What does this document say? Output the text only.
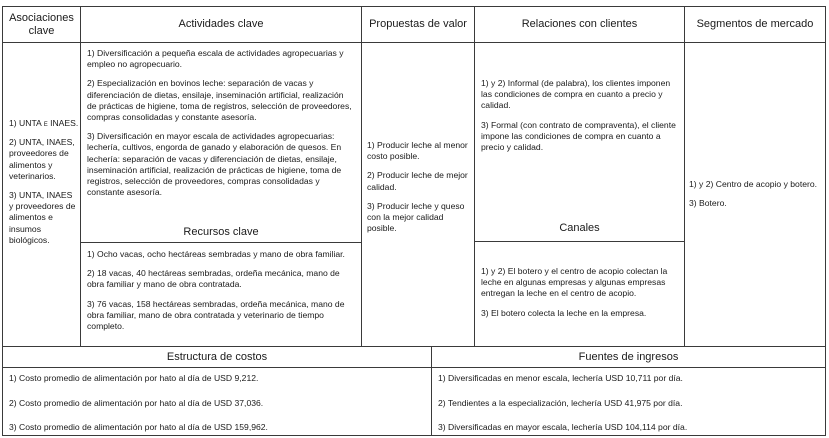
Asociaciones clave

1) UNTA e INAES.

2) UNTA, INAES, proveedores de alimentos y veterinarios.

3) UNTA, INAES y proveedores de alimentos e insumos biológicos.

Actividades clave

1) Diversificación a pequeña escala de actividades agropecuarias y empleo no agropecuario.

2) Especialización en bovinos leche: separación de vacas y diferenciación de dietas, ensilaje, inseminación artificial, realización de prácticas de higiene, toma de registros, selección de proveedores, compras consolidadas y constante asesoría.

3) Diversificación en mayor escala de actividades agropecuarias: lechería, cultivos, engorda de ganado y elaboración de quesos. En lechería: separación de vacas y diferenciación de dietas, ensilaje, inseminación artificial, realización de prácticas de higiene, toma de registros, selección de proveedores, compras consolidadas y constante asesoría.

Recursos clave

1) Ocho vacas, ocho hectáreas sembradas y mano de obra familiar.

2) 18 vacas, 40 hectáreas sembradas, ordeña mecánica, mano de obra familiar y mano de obra contratada.

3) 76 vacas, 158 hectáreas sembradas, ordeña mecánica, mano de obra familiar, mano de obra contratada y veterinario de tiempo completo.

Propuestas de valor

1) Producir leche al menor costo posible.

2) Producir leche de mejor calidad.

3) Producir leche y queso con la mejor calidad posible.

Relaciones con clientes

1) y 2) Informal (de palabra), los clientes imponen las condiciones de compra en cuanto a precio y calidad.

3) Formal (con contrato de compraventa), el cliente impone las condiciones de compra en cuanto a precio y calidad.

Canales

1) y 2) El botero y el centro de acopio colectan la leche en algunas empresas y algunas empresas entregan la leche en el centro de acopio.

3) El botero colecta la leche en la empresa.

Segmentos de mercado

1) y 2) Centro de acopio y botero.

3) Botero.

Estructura de costos
1) Costo promedio de alimentación por hato al día de USD 9,212.
2) Costo promedio de alimentación por hato al día de USD 37,036.
3) Costo promedio de alimentación por hato al día de USD 159,962.
Fuentes de ingresos
1) Diversificadas en menor escala, lechería USD 10,711 por día.
2) Tendientes a la especialización, lechería USD 41,975 por día.
3) Diversificadas en mayor escala, lechería USD 104,114 por día.
